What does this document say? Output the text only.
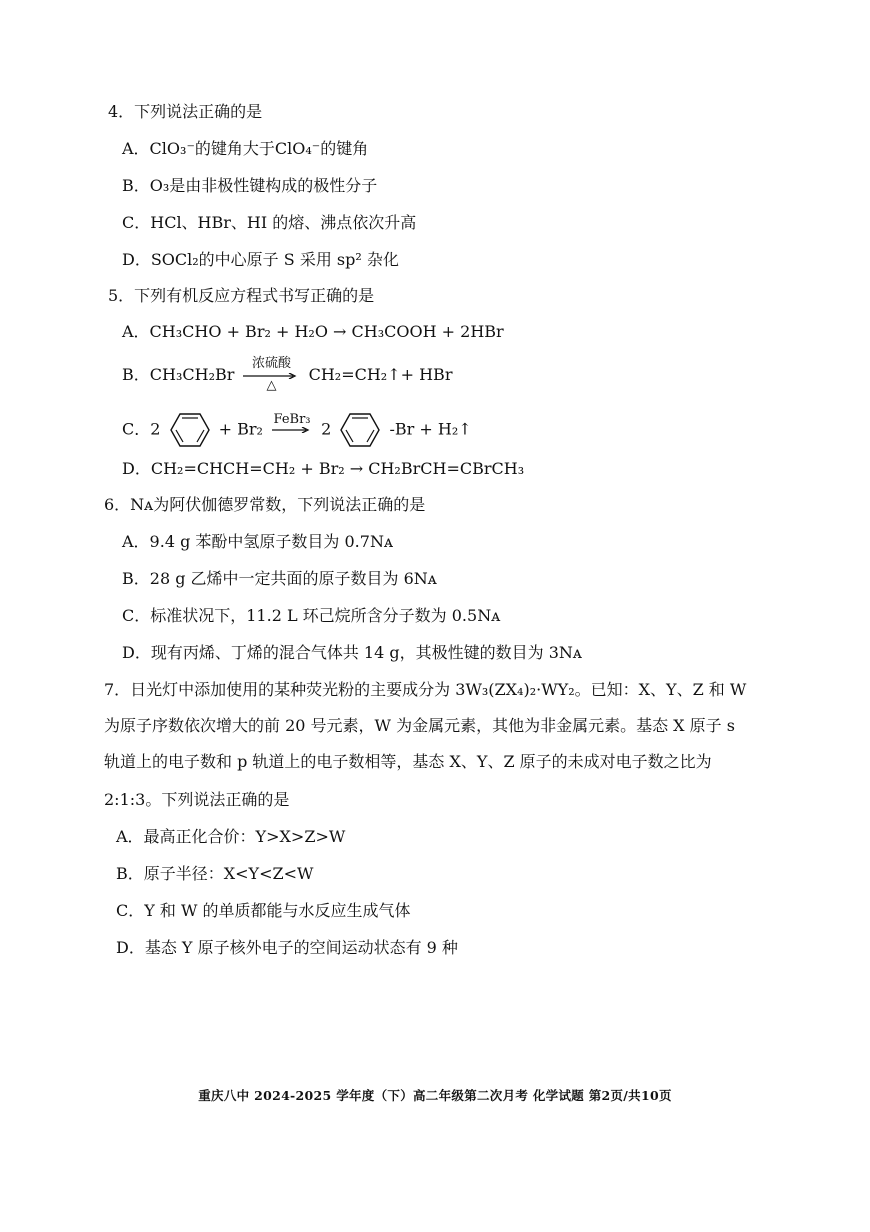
4．下列说法正确的是
A．ClO₃⁻的键角大于ClO₄⁻的键角
B．O₃是由非极性键构成的极性分子
C．HCl、HBr、HI 的熔、沸点依次升高
D．SOCl₂的中心原子 S 采用 sp² 杂化
5．下列有机反应方程式书写正确的是
A．CH₃CHO + Br₂ + H₂O → CH₃COOH + 2HBr
B．CH₃CH₂Br
浓硫酸
△
CH₂=CH₂↑+ HBr
C．2	+ Br₂ FeBr₃ 2	-Br + H₂↑
D．CH₂=CHCH=CH₂ + Br₂ → CH₂BrCH=CBrCH₃
6．Nᴀ为阿伏伽德罗常数，下列说法正确的是
A．9.4 g 苯酚中氢原子数目为 0.7Nᴀ
B．28 g 乙烯中一定共面的原子数目为 6Nᴀ
C．标准状况下，11.2 L 环己烷所含分子数为 0.5Nᴀ
D．现有丙烯、丁烯的混合气体共 14 g，其极性键的数目为 3Nᴀ
7．日光灯中添加使用的某种荧光粉的主要成分为 3W₃(ZX₄)₂·WY₂。已知：X、Y、Z 和 W
为原子序数依次增大的前 20 号元素，W 为金属元素，其他为非金属元素。基态 X 原子 s
轨道上的电子数和 p 轨道上的电子数相等，基态 X、Y、Z 原子的未成对电子数之比为
2:1:3。下列说法正确的是
A．最高正化合价：Y>X>Z>W
B．原子半径：X<Y<Z<W
C．Y 和 W 的单质都能与水反应生成气体
D．基态 Y 原子核外电子的空间运动状态有 9 种
重庆八中 2024-2025 学年度（下）高二年级第二次月考 化学试题 第2页/共10页
